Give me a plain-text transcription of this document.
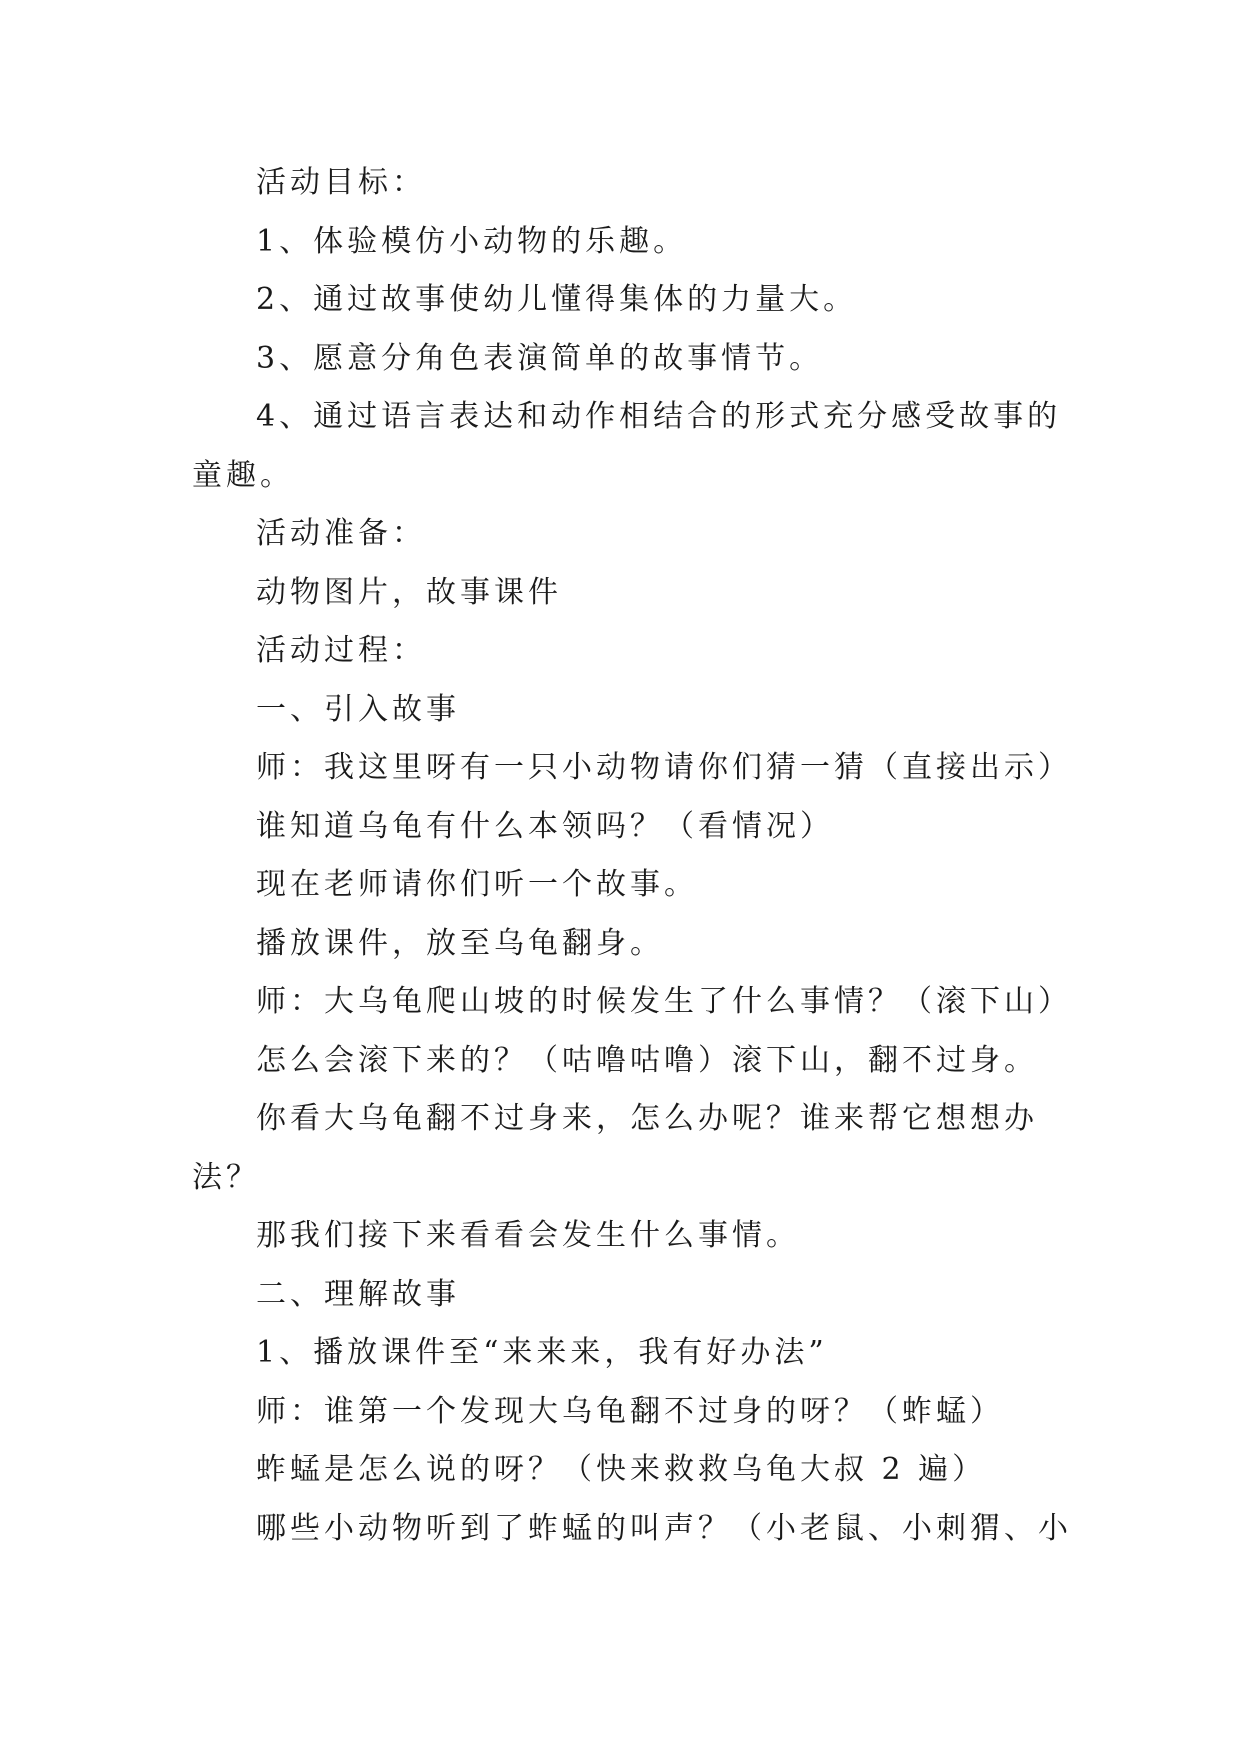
活动目标：

1、体验模仿小动物的乐趣。

2、通过故事使幼儿懂得集体的力量大。

3、愿意分角色表演简单的故事情节。

4、通过语言表达和动作相结合的形式充分感受故事的童趣。

活动准备：

动物图片，故事课件

活动过程：

一、引入故事

师：我这里呀有一只小动物请你们猜一猜（直接出示）

谁知道乌龟有什么本领吗？（看情况）

现在老师请你们听一个故事。

播放课件，放至乌龟翻身。

师：大乌龟爬山坡的时候发生了什么事情？（滚下山）

怎么会滚下来的？（咕噜咕噜）滚下山，翻不过身。

你看大乌龟翻不过身来，怎么办呢？谁来帮它想想办法？

那我们接下来看看会发生什么事情。

二、理解故事

1、播放课件至“来来来，我有好办法”

师：谁第一个发现大乌龟翻不过身的呀？（蚱蜢）

蚱蜢是怎么说的呀？（快来救救乌龟大叔 2 遍）

哪些小动物听到了蚱蜢的叫声？（小老鼠、小刺猬、小
